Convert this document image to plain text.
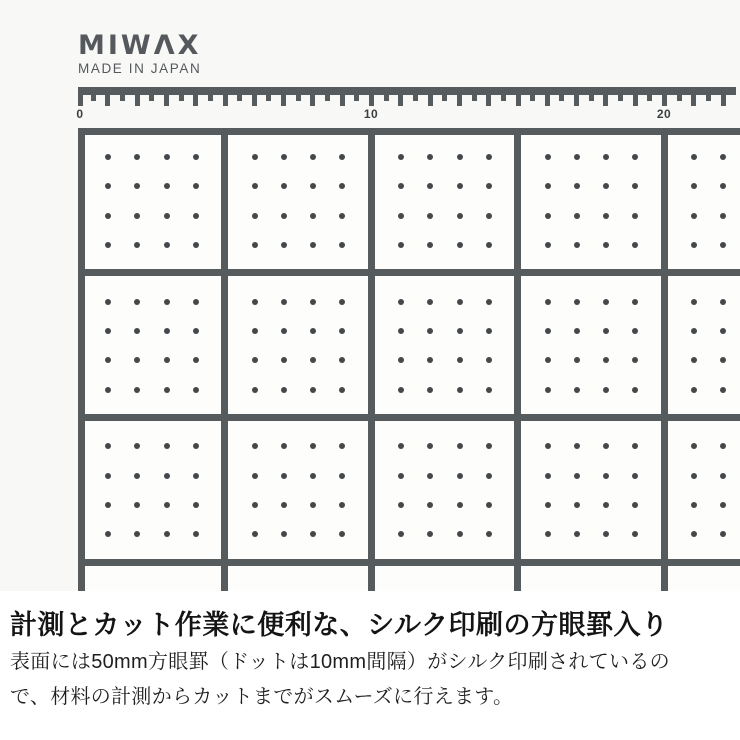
MIWΛX
MADE IN JAPAN
0	10	20
計測とカット作業に便利な、シルク印刷の方眼罫入り
表面には50mm方眼罫（ドットは10mm間隔）がシルク印刷されているの
で、材料の計測からカットまでがスムーズに行えます。
